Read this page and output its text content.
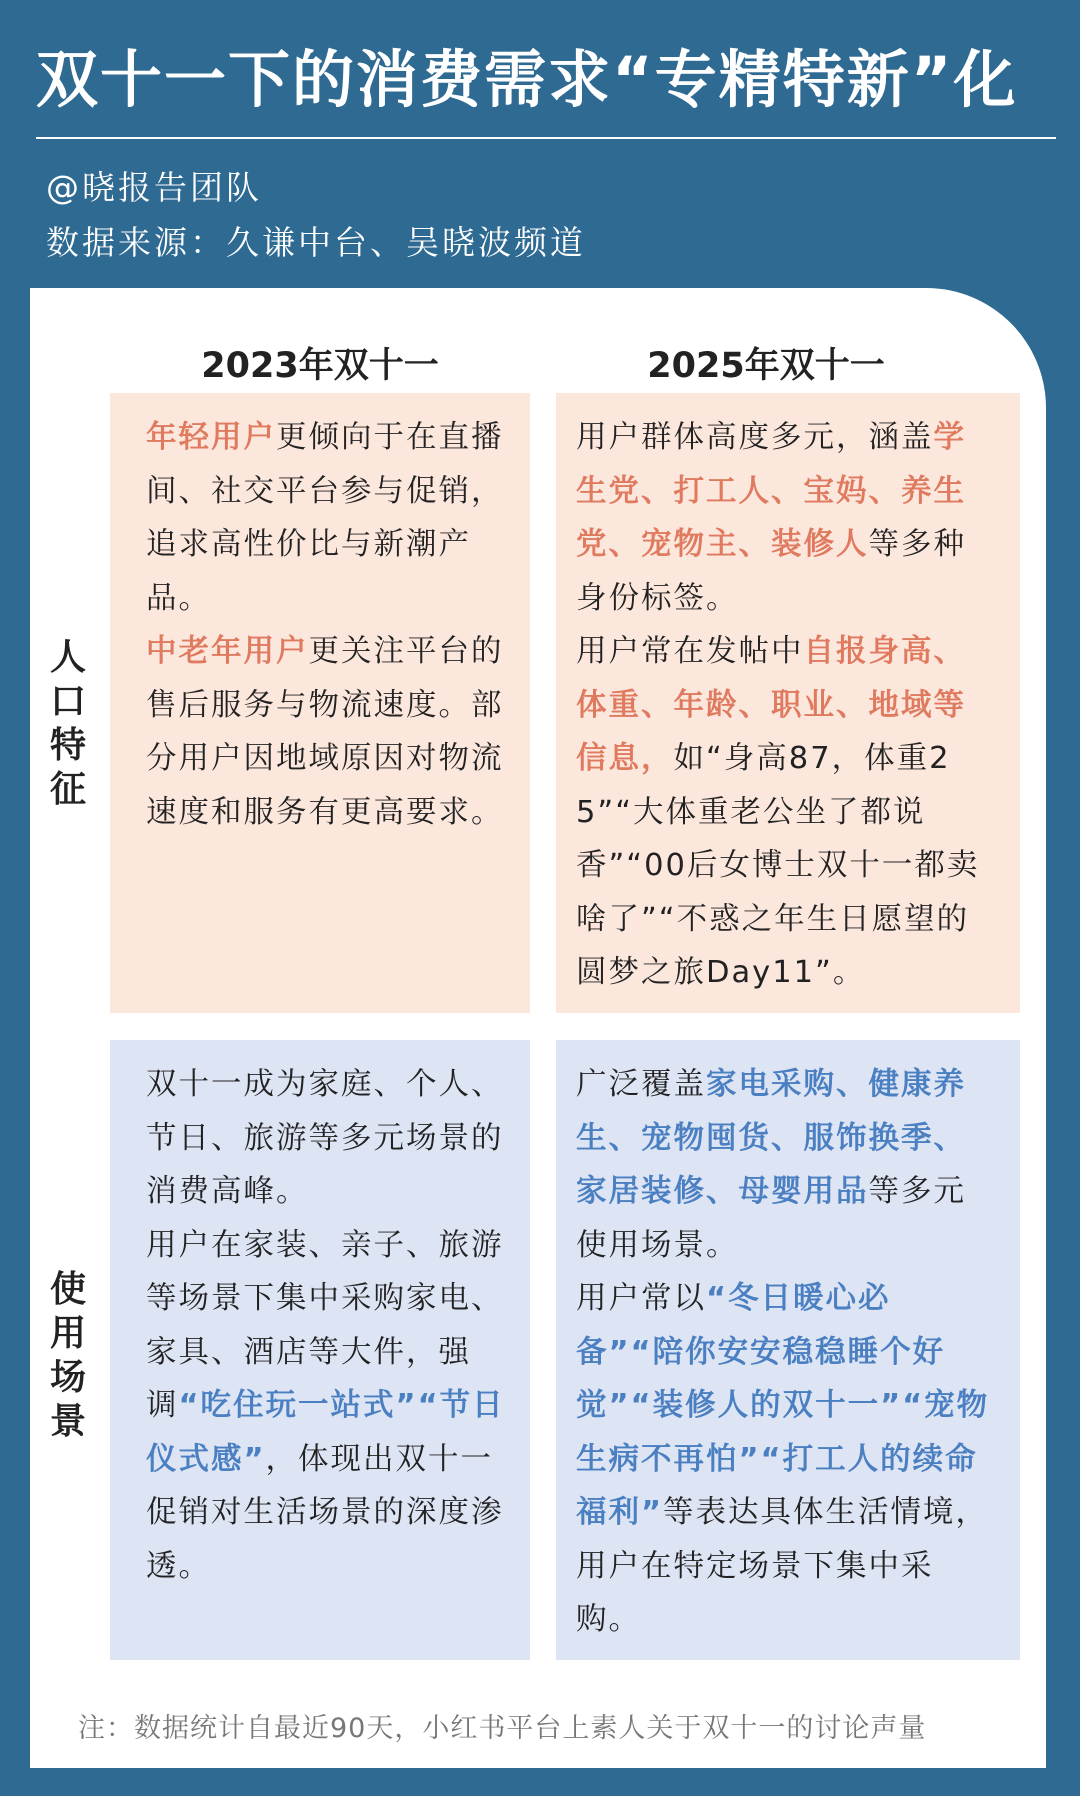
双十一下的消费需求“专精特新”化
@晓报告团队
数据来源：久谦中台、吴晓波频道
2023年双十一	2025年双十一
人口特征
使用场景

年轻用户更倾向于在直播间、社交平台参与促销，追求高性价比与新潮产品。

中老年用户更关注平台的售后服务与物流速度。部分用户因地域原因对物流速度和服务有更高要求。

用户群体高度多元，涵盖学生党、打工人、宝妈、养生党、宠物主、装修人等多种身份标签。

用户常在发帖中自报身高、体重、年龄、职业、地域等信息，如“身高87，体重25”“大体重老公坐了都说香”“00后女博士双十一都卖啥了”“不惑之年生日愿望的圆梦之旅Day11”。

双十一成为家庭、个人、节日、旅游等多元场景的消费高峰。

用户在家装、亲子、旅游等场景下集中采购家电、家具、酒店等大件，强调“吃住玩一站式”“节日仪式感”，体现出双十一促销对生活场景的深度渗透。

广泛覆盖家电采购、健康养生、宠物囤货、服饰换季、家居装修、母婴用品等多元使用场景。

用户常以“冬日暖心必备”“陪你安安稳稳睡个好觉”“装修人的双十一”“宠物生病不再怕”“打工人的续命福利”等表达具体生活情境，用户在特定场景下集中采购。

注：数据统计自最近90天，小红书平台上素人关于双十一的讨论声量
